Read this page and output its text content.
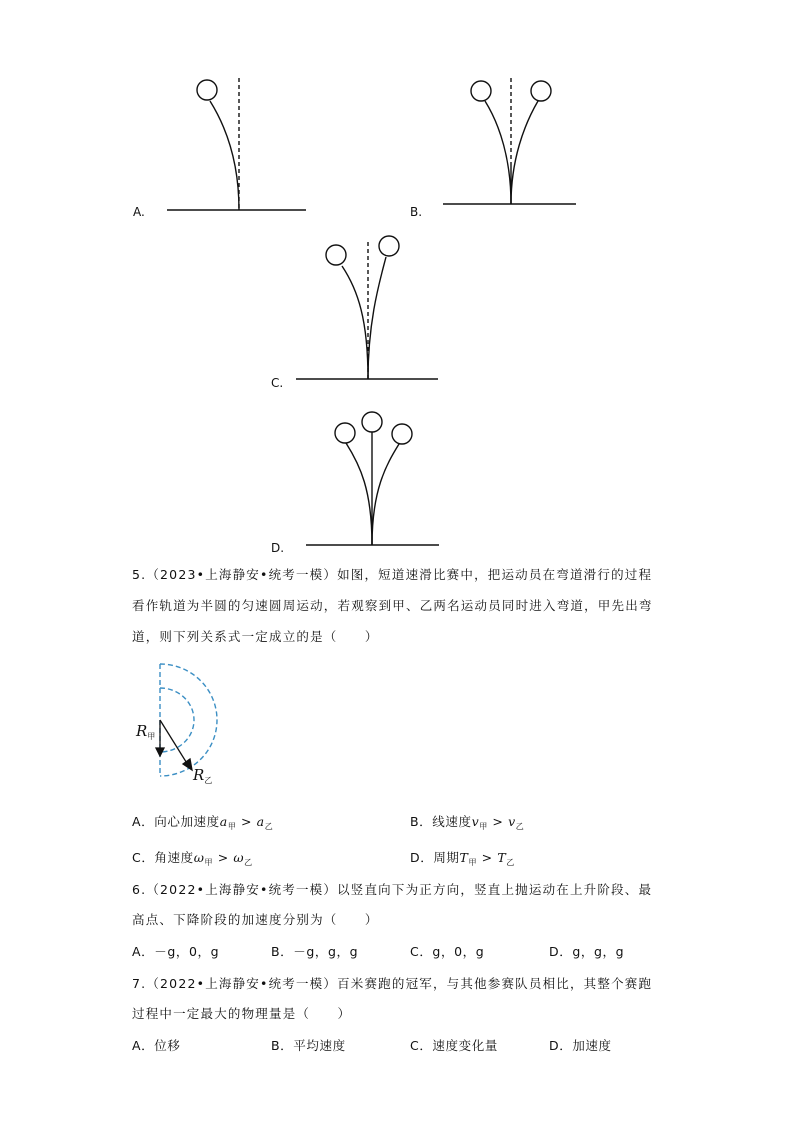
A.	B.
C.
D.
5.（2023•上海静安•统考一模）如图，短道速滑比赛中，把运动员在弯道滑行的过程
看作轨道为半圆的匀速圆周运动，若观察到甲、乙两名运动员同时进入弯道，甲先出弯
道，则下列关系式一定成立的是（　　）
$R_甲$
$R_乙$
A．向心加速度$a_甲 > a_乙$	B．线速度$v_甲 > v_乙$
C．角速度$\omega_甲 > \omega_乙$	D．周期$T_甲 > T_乙$
6.（2022•上海静安•统考一模）以竖直向下为正方向，竖直上抛运动在上升阶段、最
高点、下降阶段的加速度分别为（　　）
A．－g，0，g	B．－g，g，g	C．g，0，g	D．g，g，g
7.（2022•上海静安•统考一模）百米赛跑的冠军，与其他参赛队员相比，其整个赛跑
过程中一定最大的物理量是（　　）
A．位移	B．平均速度	C．速度变化量	D．加速度
